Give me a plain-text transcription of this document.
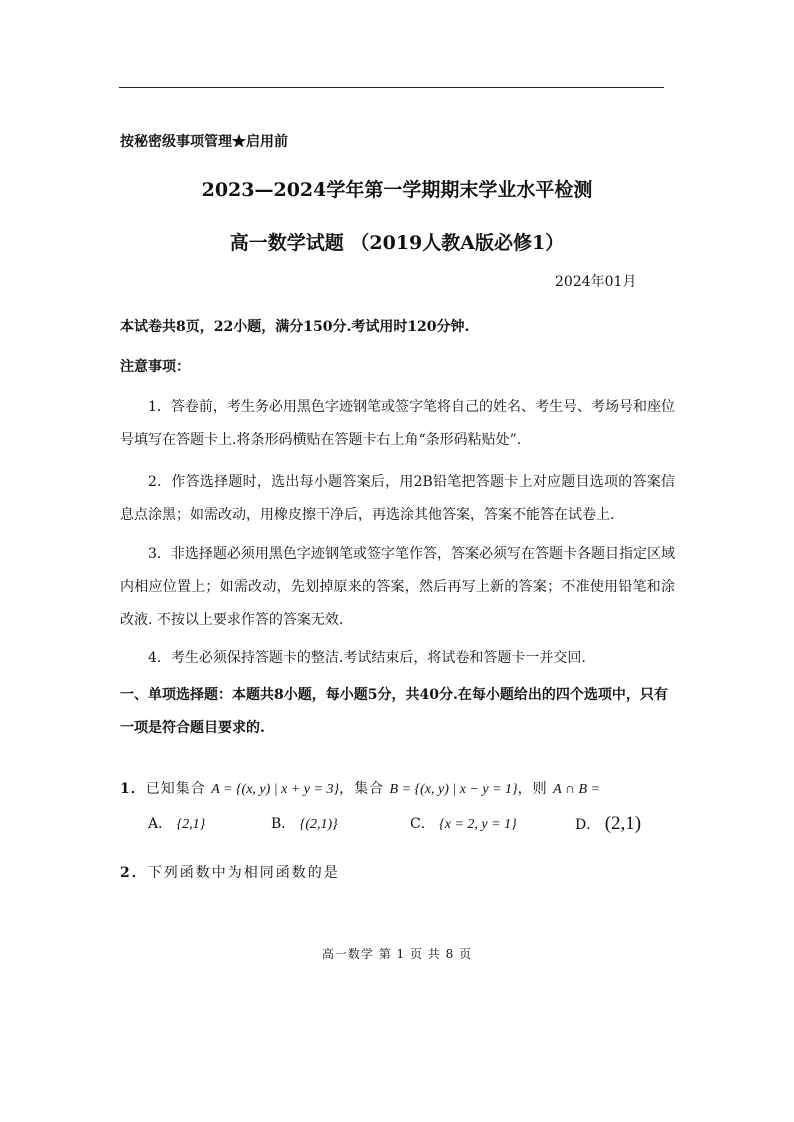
按秘密级事项管理★启用前
2023—2024学年第一学期期末学业水平检测
高一数学试题 （2019人教A版必修1）
2024年01月
本试卷共8页，22小题，满分150分.考试用时120分钟.
注意事项：

1．答卷前，考生务必用黑色字迹钢笔或签字笔将自己的姓名、考生号、考场号和座位号填写在答题卡上.将条形码横贴在答题卡右上角“条形码粘贴处”.

2．作答选择题时，选出每小题答案后，用2B铅笔把答题卡上对应题目选项的答案信息点涂黑；如需改动，用橡皮擦干净后，再选涂其他答案，答案不能答在试卷上.

3．非选择题必须用黑色字迹钢笔或签字笔作答，答案必须写在答题卡各题目指定区域内相应位置上；如需改动，先划掉原来的答案，然后再写上新的答案；不准使用铅笔和涂改液. 不按以上要求作答的答案无效.

4．考生必须保持答题卡的整洁.考试结束后，将试卷和答题卡一并交回.

一、单项选择题：本题共8小题，每小题5分，共40分.在每小题给出的四个选项中，只有一项是符合题目要求的.

1．已知集合 A = {(x, y) | x + y = 3}，集合 B = {(x, y) | x − y = 1}，则 A ∩ B =
A． {2,1}	B． {(2,1)}	C． {x = 2, y = 1}	D． (2,1)
2．下列函数中为相同函数的是
高一数学 第 1 页 共 8 页
